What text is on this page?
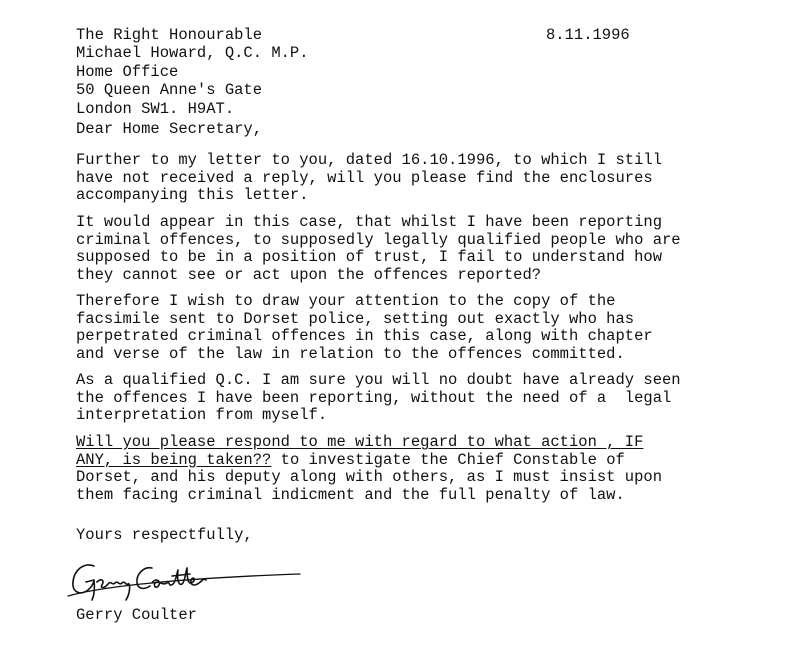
The Right Honourable
Michael Howard, Q.C. M.P.
Home Office
50 Queen Anne's Gate
London SW1. H9AT.
8.11.1996
Dear Home Secretary,
Further to my letter to you, dated 16.10.1996, to which I still
have not received a reply, will you please find the enclosures
accompanying this letter.
It would appear in this case, that whilst I have been reporting
criminal offences, to supposedly legally qualified people who are
supposed to be in a position of trust, I fail to understand how
they cannot see or act upon the offences reported?
Therefore I wish to draw your attention to the copy of the
facsimile sent to Dorset police, setting out exactly who has
perpetrated criminal offences in this case, along with chapter
and verse of the law in relation to the offences committed.
As a qualified Q.C. I am sure you will no doubt have already seen
the offences I have been reporting, without the need of a  legal
interpretation from myself.
Will you please respond to me with regard to what action , IF
ANY, is being taken?? to investigate the Chief Constable of
Dorset, and his deputy along with others, as I must insist upon
them facing criminal indicment and the full penalty of law.
Yours respectfully,
Gerry Coulter
